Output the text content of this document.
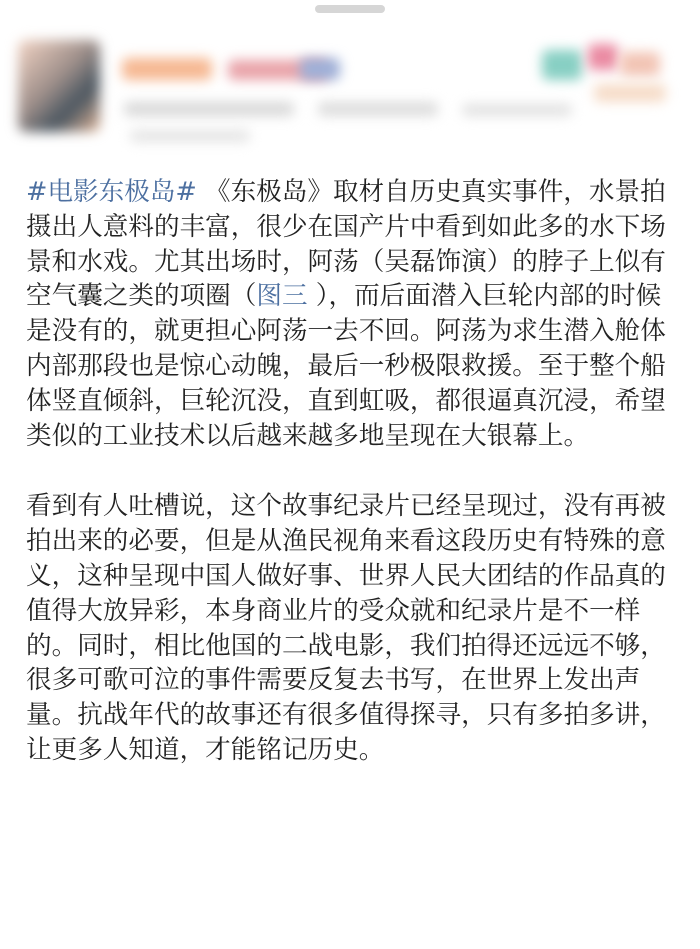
#电影东极岛# 《东极岛》取材自历史真实事件，水景拍摄出人意料的丰富，很少在国产片中看到如此多的水下场景和水戏。尤其出场时，阿荡（吴磊饰演）的脖子上似有空气囊之类的项圈（图三 ），而后面潜入巨轮内部的时候是没有的，就更担心阿荡一去不回。阿荡为求生潜入舱体内部那段也是惊心动魄，最后一秒极限救援。至于整个船体竖直倾斜，巨轮沉没，直到虹吸，都很逼真沉浸，希望类似的工业技术以后越来越多地呈现在大银幕上。

看到有人吐槽说，这个故事纪录片已经呈现过，没有再被拍出来的必要，但是从渔民视角来看这段历史有特殊的意义，这种呈现中国人做好事、世界人民大团结的作品真的值得大放异彩，本身商业片的受众就和纪录片是不一样的。同时，相比他国的二战电影，我们拍得还远远不够，很多可歌可泣的事件需要反复去书写，在世界上发出声量。抗战年代的故事还有很多值得探寻，只有多拍多讲，让更多人知道，才能铭记历史。
